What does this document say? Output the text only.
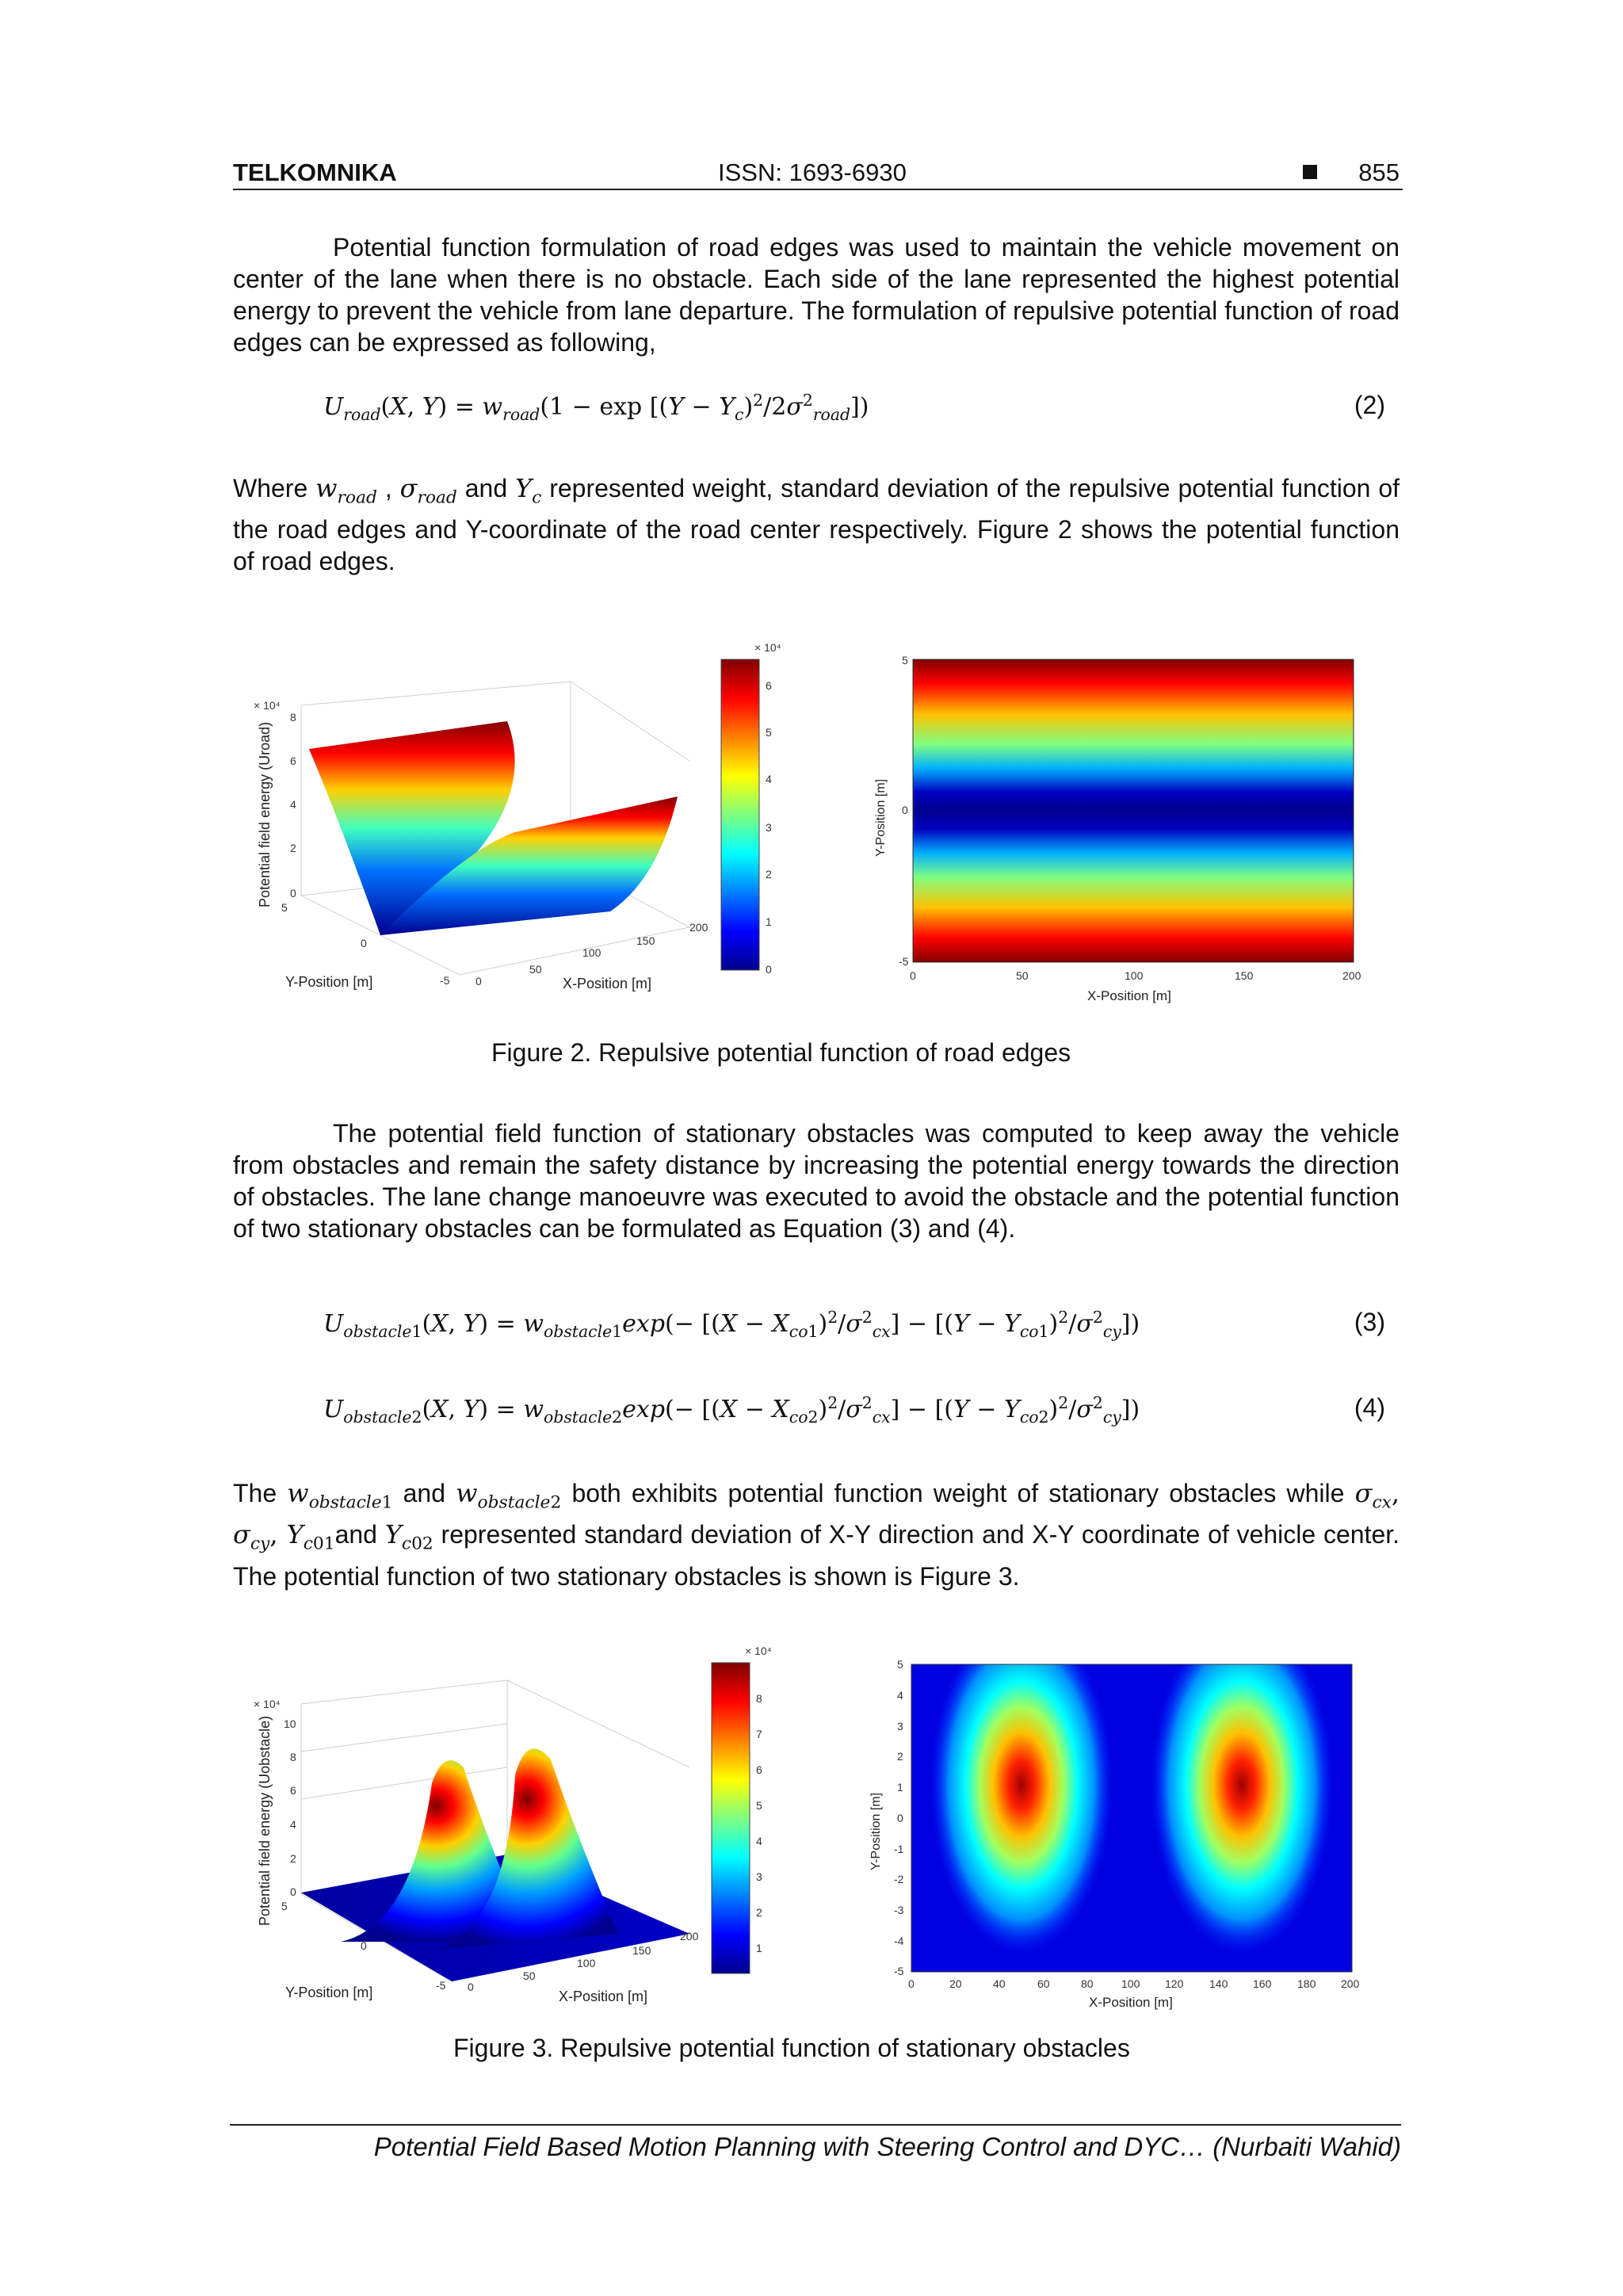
TELKOMNIKA	ISSN: 1693-6930	855

Potential function formulation of road edges was used to maintain the vehicle movement on center of the lane when there is no obstacle. Each side of the lane represented the highest potential energy to prevent the vehicle from lane departure. The formulation of repulsive potential function of road edges can be expressed as following,

$U_{road}(X$, $Y) = w_{road}(1 - \exp [(Y - Y_c)^2/2\sigma^2_{road}])$	(2)

Where $w_{road}$ , $\sigma_{road}$ and $Y_c$ represented weight, standard deviation of the repulsive potential function of the road edges and Y-coordinate of the road center respectively. Figure 2 shows the potential function of road edges.

× 10⁴
0
2
4
6
8
Potential field energy (Uroad) 5
0
-5 0
50
100
150
200
Y-Position [m]	X-Position [m]
× 10⁴
6
5
4
3
2
1
0
5
0
-5
Y-Position [m]
0	50	100	150	200
X-Position [m]
Figure 2. Repulsive potential function of road edges

The potential field function of stationary obstacles was computed to keep away the vehicle from obstacles and remain the safety distance by increasing the potential energy towards the direction of obstacles. The lane change manoeuvre was executed to avoid the obstacle and the potential function of two stationary obstacles can be formulated as Equation (3) and (4).

$U_{obstacle1}(X$, $Y) = w_{obstacle1}\exp(- [(X - X_{co1})^2/\sigma^2_{cx}] - [(Y - Y_{co1})^2/\sigma^2_{cy}])$	(3)
$U_{obstacle2}(X$, $Y) = w_{obstacle2}\exp(- [(X - X_{co2})^2/\sigma^2_{cx}] - [(Y - Y_{co2})^2/\sigma^2_{cy}])$	(4)

The $w_{obstacle1}$ and $w_{obstacle2}$ both exhibits potential function weight of stationary obstacles while $\sigma_{cx}$, $\sigma_{cy}$, $Y_{c01}and$ $Y_{c02}$ represented standard deviation of X-Y direction and X-Y coordinate of vehicle center. The potential function of two stationary obstacles is shown is Figure 3.

× 10⁴
0
2
4
6
8
10
Potential field energy (Uobstacle) 5
0
-5 0
50
100
150
200
Y-Position [m]	X-Position [m]
× 10⁴
8
7
6
5
4
3
2
1
5
4
3
2
1
0
-1
-2
-3
-4
-5
Y-Position [m]
0	20	40	60	80	100 120 140 160 180 200
X-Position [m]
Figure 3. Repulsive potential function of stationary obstacles
Potential Field Based Motion Planning with Steering Control and DYC… (Nurbaiti Wahid)
